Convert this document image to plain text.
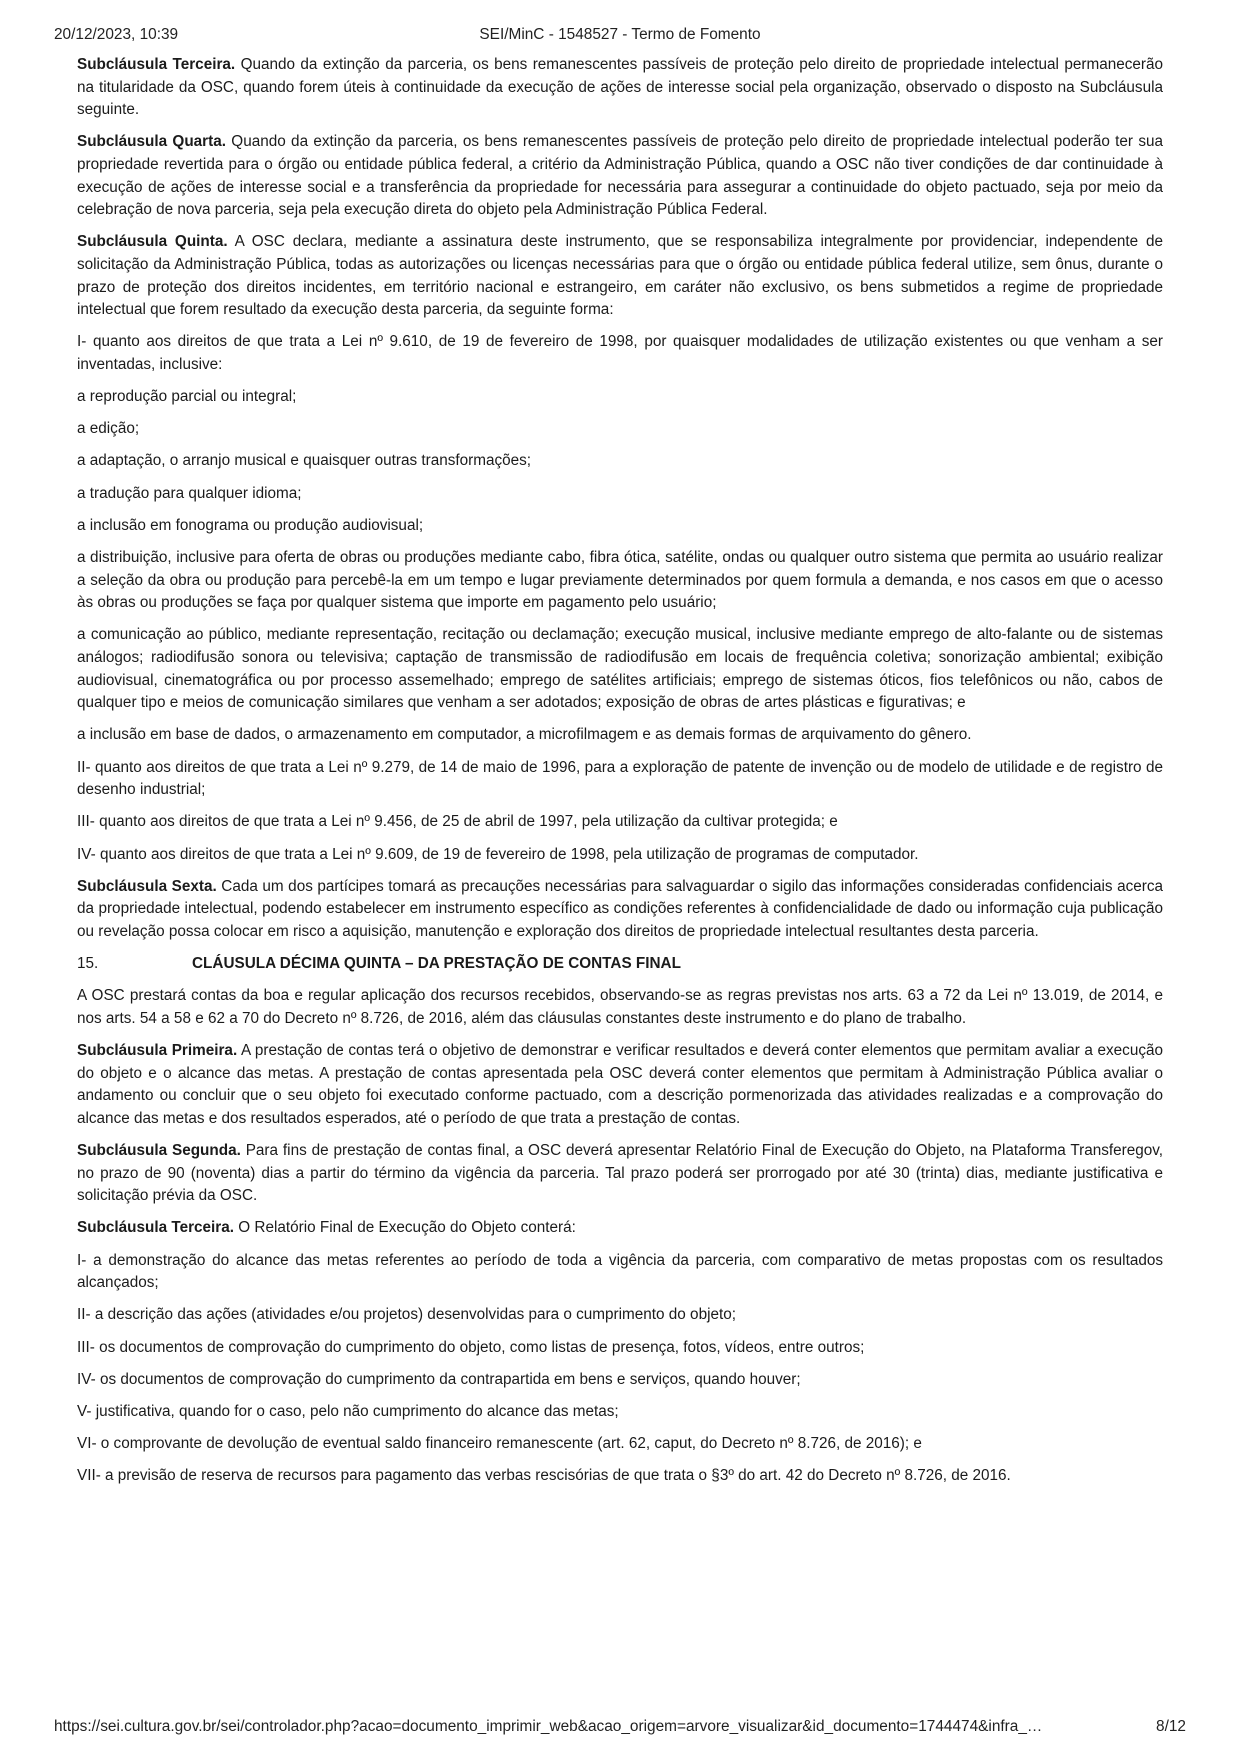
20/12/2023, 10:39	SEI/MinC - 1548527 - Termo de Fomento

Subcláusula Terceira. Quando da extinção da parceria, os bens remanescentes passíveis de proteção pelo direito de propriedade intelectual permanecerão na titularidade da OSC, quando forem úteis à continuidade da execução de ações de interesse social pela organização, observado o disposto na Subcláusula seguinte.

Subcláusula Quarta. Quando da extinção da parceria, os bens remanescentes passíveis de proteção pelo direito de propriedade intelectual poderão ter sua propriedade revertida para o órgão ou entidade pública federal, a critério da Administração Pública, quando a OSC não tiver condições de dar continuidade à execução de ações de interesse social e a transferência da propriedade for necessária para assegurar a continuidade do objeto pactuado, seja por meio da celebração de nova parceria, seja pela execução direta do objeto pela Administração Pública Federal.

Subcláusula Quinta. A OSC declara, mediante a assinatura deste instrumento, que se responsabiliza integralmente por providenciar, independente de solicitação da Administração Pública, todas as autorizações ou licenças necessárias para que o órgão ou entidade pública federal utilize, sem ônus, durante o prazo de proteção dos direitos incidentes, em território nacional e estrangeiro, em caráter não exclusivo, os bens submetidos a regime de propriedade intelectual que forem resultado da execução desta parceria, da seguinte forma:

I- quanto aos direitos de que trata a Lei nº 9.610, de 19 de fevereiro de 1998, por quaisquer modalidades de utilização existentes ou que venham a ser inventadas, inclusive:

a reprodução parcial ou integral;

a edição;

a adaptação, o arranjo musical e quaisquer outras transformações;

a tradução para qualquer idioma;

a inclusão em fonograma ou produção audiovisual;

a distribuição, inclusive para oferta de obras ou produções mediante cabo, fibra ótica, satélite, ondas ou qualquer outro sistema que permita ao usuário realizar a seleção da obra ou produção para percebê-la em um tempo e lugar previamente determinados por quem formula a demanda, e nos casos em que o acesso às obras ou produções se faça por qualquer sistema que importe em pagamento pelo usuário;

a comunicação ao público, mediante representação, recitação ou declamação; execução musical, inclusive mediante emprego de alto-falante ou de sistemas análogos; radiodifusão sonora ou televisiva; captação de transmissão de radiodifusão em locais de frequência coletiva; sonorização ambiental; exibição audiovisual, cinematográfica ou por processo assemelhado; emprego de satélites artificiais; emprego de sistemas óticos, fios telefônicos ou não, cabos de qualquer tipo e meios de comunicação similares que venham a ser adotados; exposição de obras de artes plásticas e figurativas; e

a inclusão em base de dados, o armazenamento em computador, a microfilmagem e as demais formas de arquivamento do gênero.

II- quanto aos direitos de que trata a Lei nº 9.279, de 14 de maio de 1996, para a exploração de patente de invenção ou de modelo de utilidade e de registro de desenho industrial;

III- quanto aos direitos de que trata a Lei nº 9.456, de 25 de abril de 1997, pela utilização da cultivar protegida; e

IV- quanto aos direitos de que trata a Lei nº 9.609, de 19 de fevereiro de 1998, pela utilização de programas de computador.

Subcláusula Sexta. Cada um dos partícipes tomará as precauções necessárias para salvaguardar o sigilo das informações consideradas confidenciais acerca da propriedade intelectual, podendo estabelecer em instrumento específico as condições referentes à confidencialidade de dado ou informação cuja publicação ou revelação possa colocar em risco a aquisição, manutenção e exploração dos direitos de propriedade intelectual resultantes desta parceria.

15.	CLÁUSULA DÉCIMA QUINTA – DA PRESTAÇÃO DE CONTAS FINAL

A OSC prestará contas da boa e regular aplicação dos recursos recebidos, observando-se as regras previstas nos arts. 63 a 72 da Lei nº 13.019, de 2014, e nos arts. 54 a 58 e 62 a 70 do Decreto nº 8.726, de 2016, além das cláusulas constantes deste instrumento e do plano de trabalho.

Subcláusula Primeira. A prestação de contas terá o objetivo de demonstrar e verificar resultados e deverá conter elementos que permitam avaliar a execução do objeto e o alcance das metas. A prestação de contas apresentada pela OSC deverá conter elementos que permitam à Administração Pública avaliar o andamento ou concluir que o seu objeto foi executado conforme pactuado, com a descrição pormenorizada das atividades realizadas e a comprovação do alcance das metas e dos resultados esperados, até o período de que trata a prestação de contas.

Subcláusula Segunda. Para fins de prestação de contas final, a OSC deverá apresentar Relatório Final de Execução do Objeto, na Plataforma Transferegov, no prazo de 90 (noventa) dias a partir do término da vigência da parceria. Tal prazo poderá ser prorrogado por até 30 (trinta) dias, mediante justificativa e solicitação prévia da OSC.

Subcláusula Terceira. O Relatório Final de Execução do Objeto conterá:

I- a demonstração do alcance das metas referentes ao período de toda a vigência da parceria, com comparativo de metas propostas com os resultados alcançados;

II- a descrição das ações (atividades e/ou projetos) desenvolvidas para o cumprimento do objeto;

III- os documentos de comprovação do cumprimento do objeto, como listas de presença, fotos, vídeos, entre outros;

IV- os documentos de comprovação do cumprimento da contrapartida em bens e serviços, quando houver;

V- justificativa, quando for o caso, pelo não cumprimento do alcance das metas;

VI- o comprovante de devolução de eventual saldo financeiro remanescente (art. 62, caput, do Decreto nº 8.726, de 2016); e

VII- a previsão de reserva de recursos para pagamento das verbas rescisórias de que trata o §3º do art. 42 do Decreto nº 8.726, de 2016.

https://sei.cultura.gov.br/sei/controlador.php?acao=documento_imprimir_web&acao_origem=arvore_visualizar&id_documento=1744474&infra_…	8/12
